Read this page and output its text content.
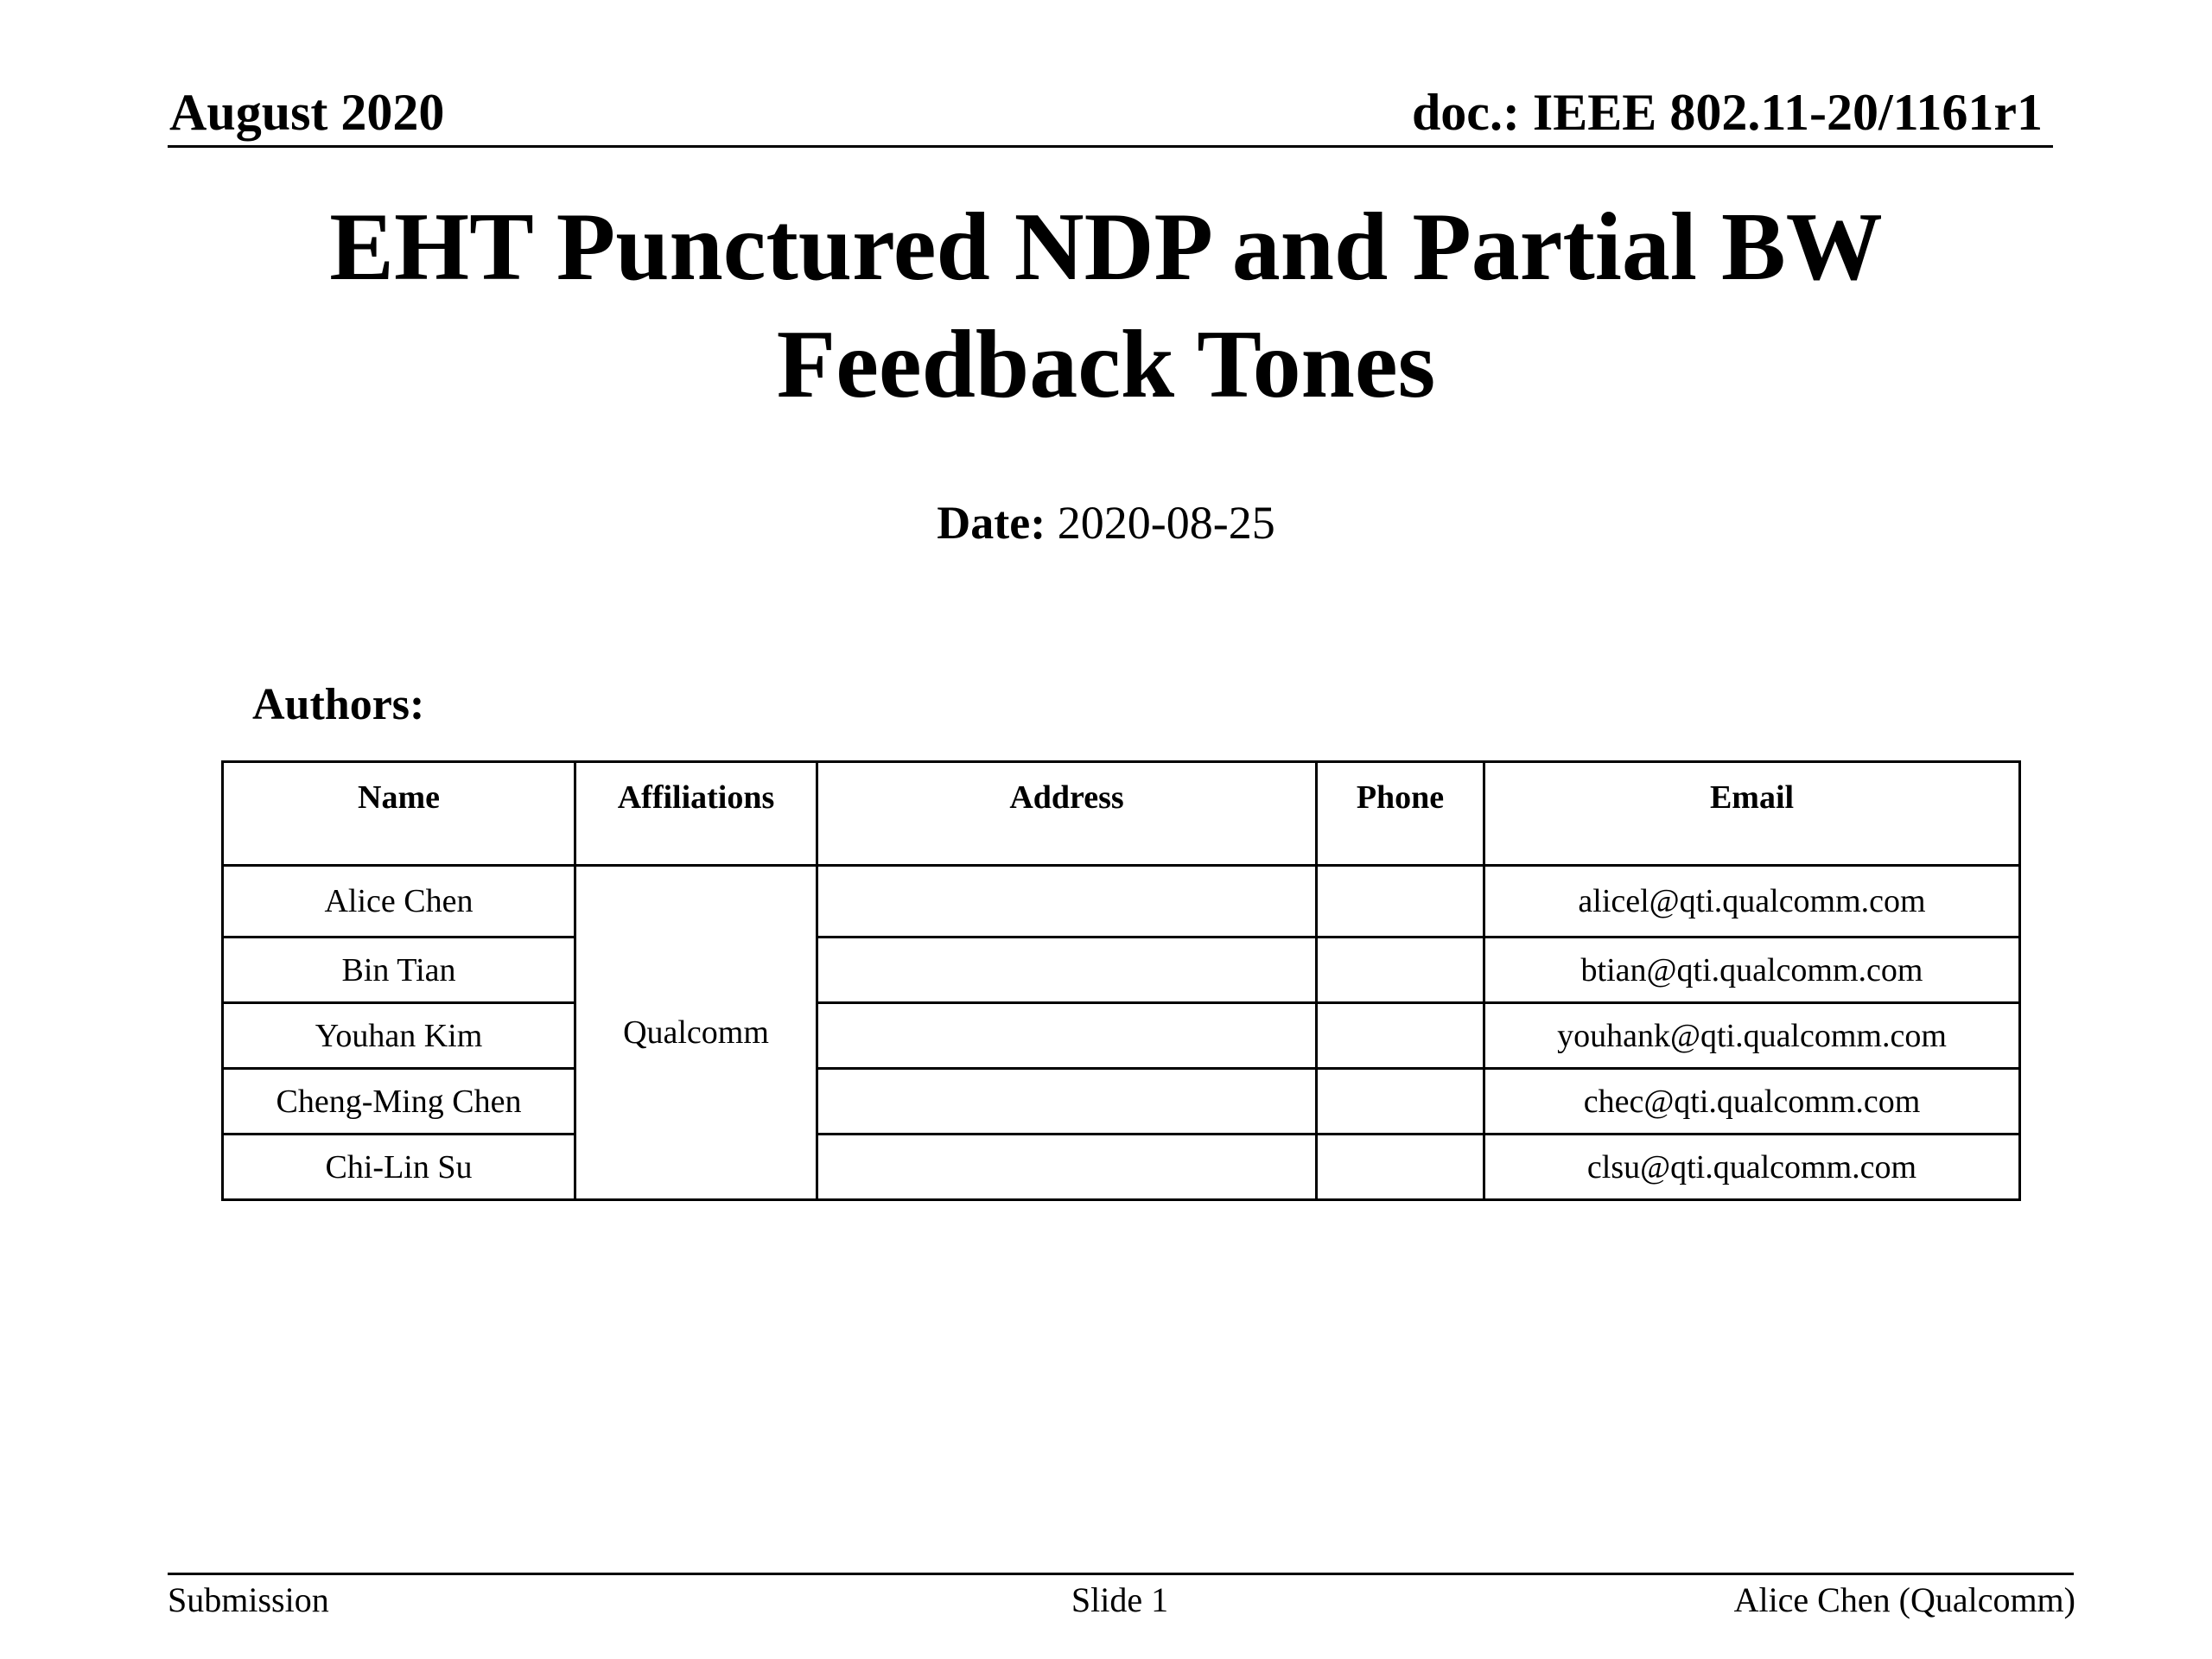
August 2020	doc.: IEEE 802.11-20/1161r1
EHT Punctured NDP and Partial BW
Feedback Tones
Date: 2020-08-25
Authors:
Name	Affiliations	Address	Phone	Email
Alice Chen	Qualcomm			alicel@qti.qualcomm.com
Bin Tian				btian@qti.qualcomm.com
Youhan Kim				youhank@qti.qualcomm.com
Cheng-Ming Chen				chec@qti.qualcomm.com
Chi-Lin Su				clsu@qti.qualcomm.com
Submission	Slide 1	Alice Chen (Qualcomm)
